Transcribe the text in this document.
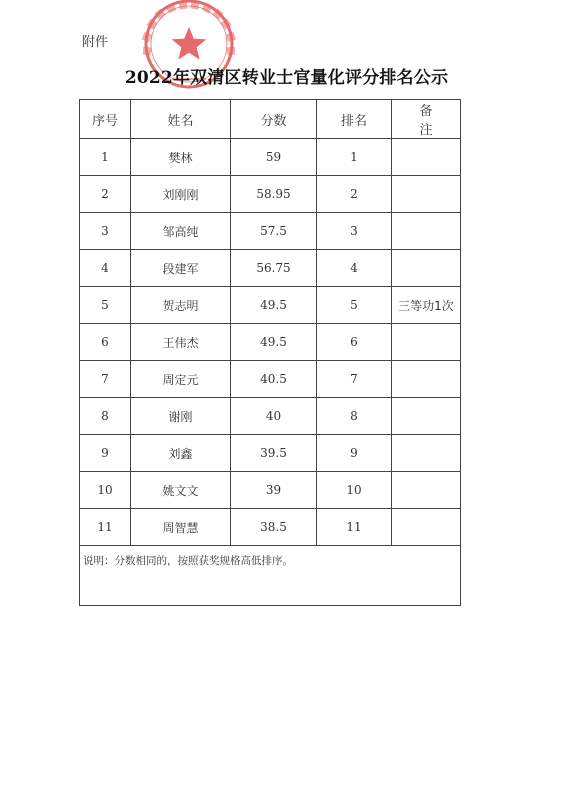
附件
2022年双清区转业士官量化评分排名公示
序号	姓名	分数	排名	备 注
1	樊林	59	1	
2	刘刚刚	58.95	2	
3	邹高纯	57.5	3	
4	段建军	56.75	4	
5	贺志明	49.5	5	三等功1次
6	王伟杰	49.5	6	
7	周定元	40.5	7	
8	谢刚	40	8	
9	刘鑫	39.5	9	
10	姚文文	39	10	
11	周智慧	38.5	11	
说明：分数相同的，按照获奖规格高低排序。				
